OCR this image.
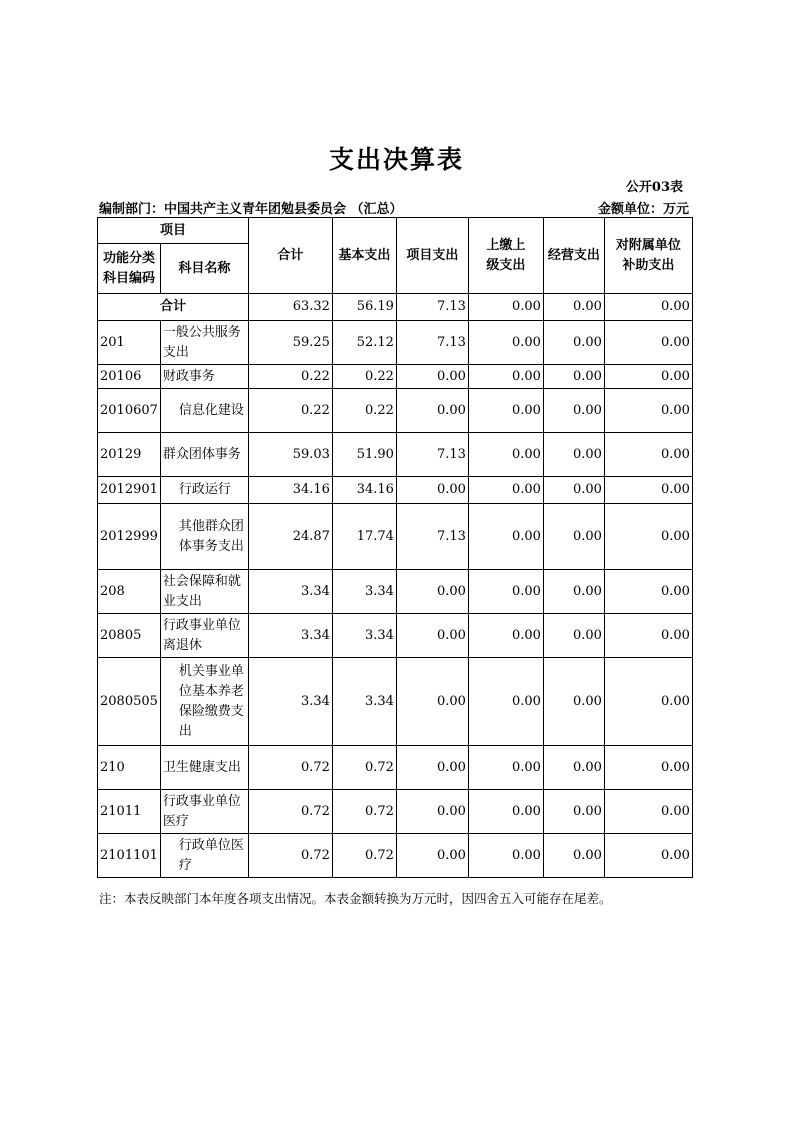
支出决算表
公开03表
编制部门：中国共产主义青年团勉县委员会 （汇总）	金额单位：万元
项目		合计	基本支出	项目支出	上缴上级支出	经营支出	对附属单位补助支出
功能分类科目编码	科目名称						
合计		63.32	56.19	7.13	0.00	0.00	0.00
201	一般公共服务支出	59.25	52.12	7.13	0.00	0.00	0.00
20106	财政事务	0.22	0.22	0.00	0.00	0.00	0.00
2010607	信息化建设	0.22	0.22	0.00	0.00	0.00	0.00
20129	群众团体事务	59.03	51.90	7.13	0.00	0.00	0.00
2012901	行政运行	34.16	34.16	0.00	0.00	0.00	0.00
2012999	其他群众团体事务支出	24.87	17.74	7.13	0.00	0.00	0.00
208	社会保障和就业支出	3.34	3.34	0.00	0.00	0.00	0.00
20805	行政事业单位离退休	3.34	3.34	0.00	0.00	0.00	0.00
2080505	机关事业单位基本养老保险缴费支出	3.34	3.34	0.00	0.00	0.00	0.00
210	卫生健康支出	0.72	0.72	0.00	0.00	0.00	0.00
21011	行政事业单位医疗	0.72	0.72	0.00	0.00	0.00	0.00
2101101	行政单位医疗	0.72	0.72	0.00	0.00	0.00	0.00
注：本表反映部门本年度各项支出情况。本表金额转换为万元时，因四舍五入可能存在尾差。
